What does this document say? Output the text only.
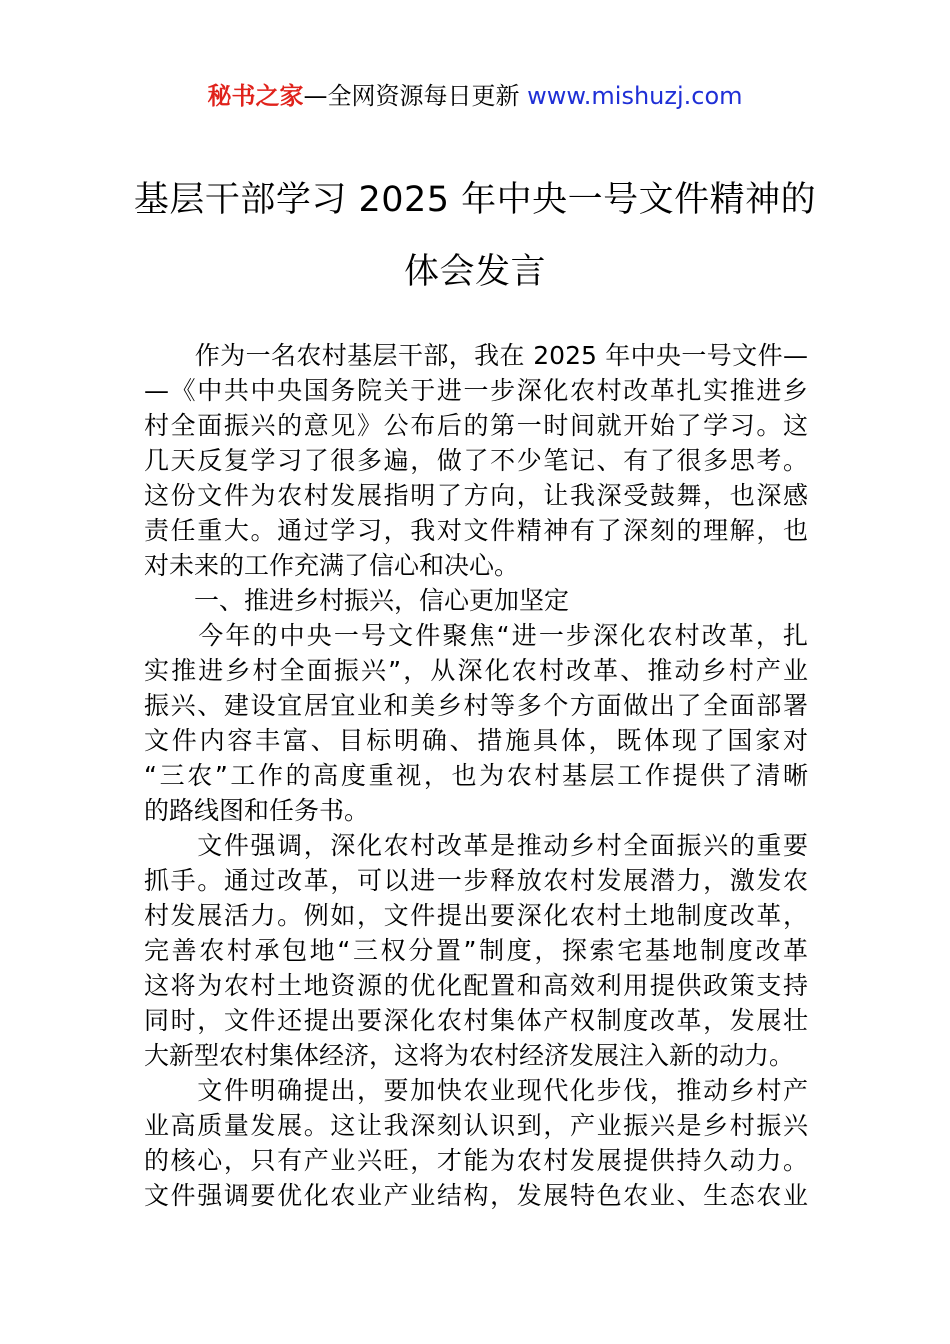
秘书之家—全网资源每日更新 www.mishuzj.com
基层干部学习 2025 年中央一号文件精神的
体会发言
　　作为一名农村基层干部，我在 2025 年中央一号文件—
—《中共中央国务院关于进一步深化农村改革扎实推进乡
村全面振兴的意见》公布后的第一时间就开始了学习。这
几天反复学习了很多遍，做了不少笔记、有了很多思考。
这份文件为农村发展指明了方向，让我深受鼓舞，也深感
责任重大。通过学习，我对文件精神有了深刻的理解，也
对未来的工作充满了信心和决心。
　　一、推进乡村振兴，信心更加坚定
　　今年的中央一号文件聚焦“进一步深化农村改革，扎
实推进乡村全面振兴”，从深化农村改革、推动乡村产业
振兴、建设宜居宜业和美乡村等多个方面做出了全面部署
文件内容丰富、目标明确、措施具体，既体现了国家对
“三农”工作的高度重视，也为农村基层工作提供了清晰
的路线图和任务书。
　　文件强调，深化农村改革是推动乡村全面振兴的重要
抓手。通过改革，可以进一步释放农村发展潜力，激发农
村发展活力。例如，文件提出要深化农村土地制度改革，
完善农村承包地“三权分置”制度，探索宅基地制度改革
这将为农村土地资源的优化配置和高效利用提供政策支持
同时，文件还提出要深化农村集体产权制度改革，发展壮
大新型农村集体经济，这将为农村经济发展注入新的动力。
　　文件明确提出，要加快农业现代化步伐，推动乡村产
业高质量发展。这让我深刻认识到，产业振兴是乡村振兴
的核心，只有产业兴旺，才能为农村发展提供持久动力。
文件强调要优化农业产业结构，发展特色农业、生态农业
